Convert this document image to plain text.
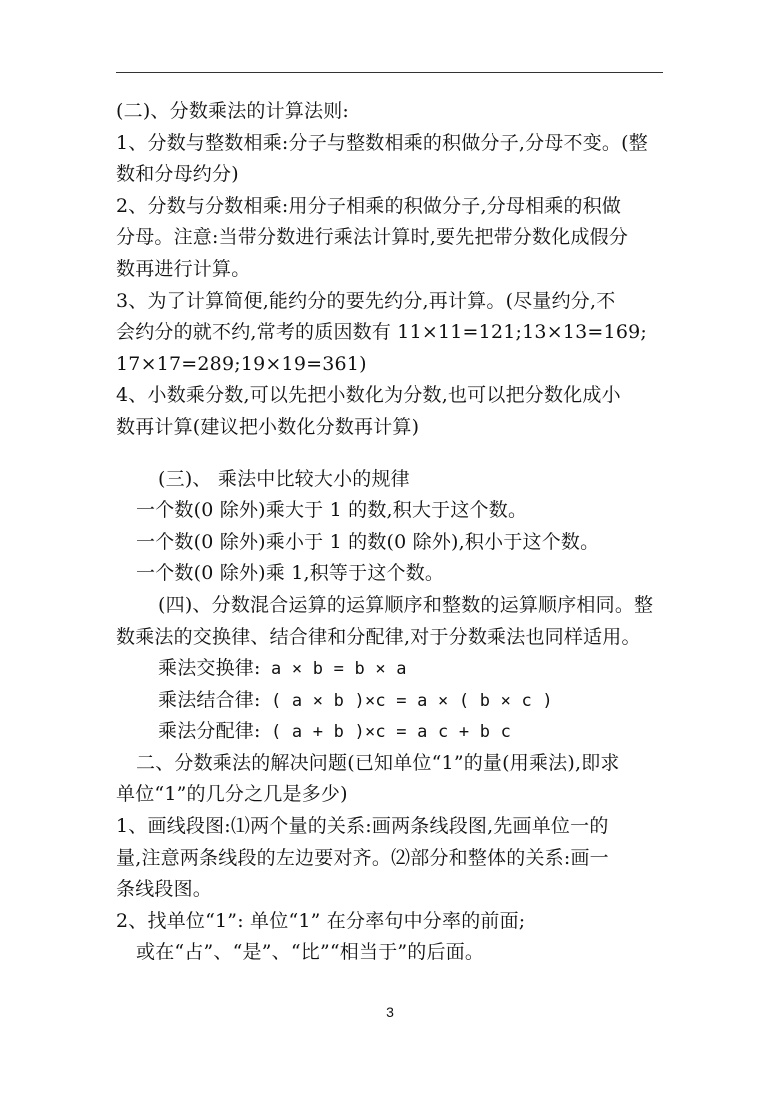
(二)、分数乘法的计算法则:
1、分数与整数相乘:分子与整数相乘的积做分子,分母不变。(整
数和分母约分)
2、分数与分数相乘:用分子相乘的积做分子,分母相乘的积做
分母。注意:当带分数进行乘法计算时,要先把带分数化成假分
数再进行计算。
3、为了计算简便,能约分的要先约分,再计算。(尽量约分,不
会约分的就不约,常考的质因数有 11×11=121;13×13=169;
17×17=289;19×19=361)
4、小数乘分数,可以先把小数化为分数,也可以把分数化成小
数再计算(建议把小数化分数再计算)
(三)、 乘法中比较大小的规律
一个数(0 除外)乘大于 1 的数,积大于这个数。
一个数(0 除外)乘小于 1 的数(0 除外),积小于这个数。
一个数(0 除外)乘 1,积等于这个数。
(四)、分数混合运算的运算顺序和整数的运算顺序相同。整
数乘法的交换律、结合律和分配律,对于分数乘法也同样适用。
乘法交换律: a × b = b × a
乘法结合律: ( a × b )×c = a × ( b × c )
乘法分配律: ( a + b )×c = a c + b c
二、分数乘法的解决问题(已知单位“1”的量(用乘法),即求
单位“1”的几分之几是多少)
1、画线段图:⑴两个量的关系:画两条线段图,先画单位一的
量,注意两条线段的左边要对齐。⑵部分和整体的关系:画一
条线段图。
2、找单位“1”: 单位“1” 在分率句中分率的前面;
或在“占”、“是”、“比”“相当于”的后面。
3
